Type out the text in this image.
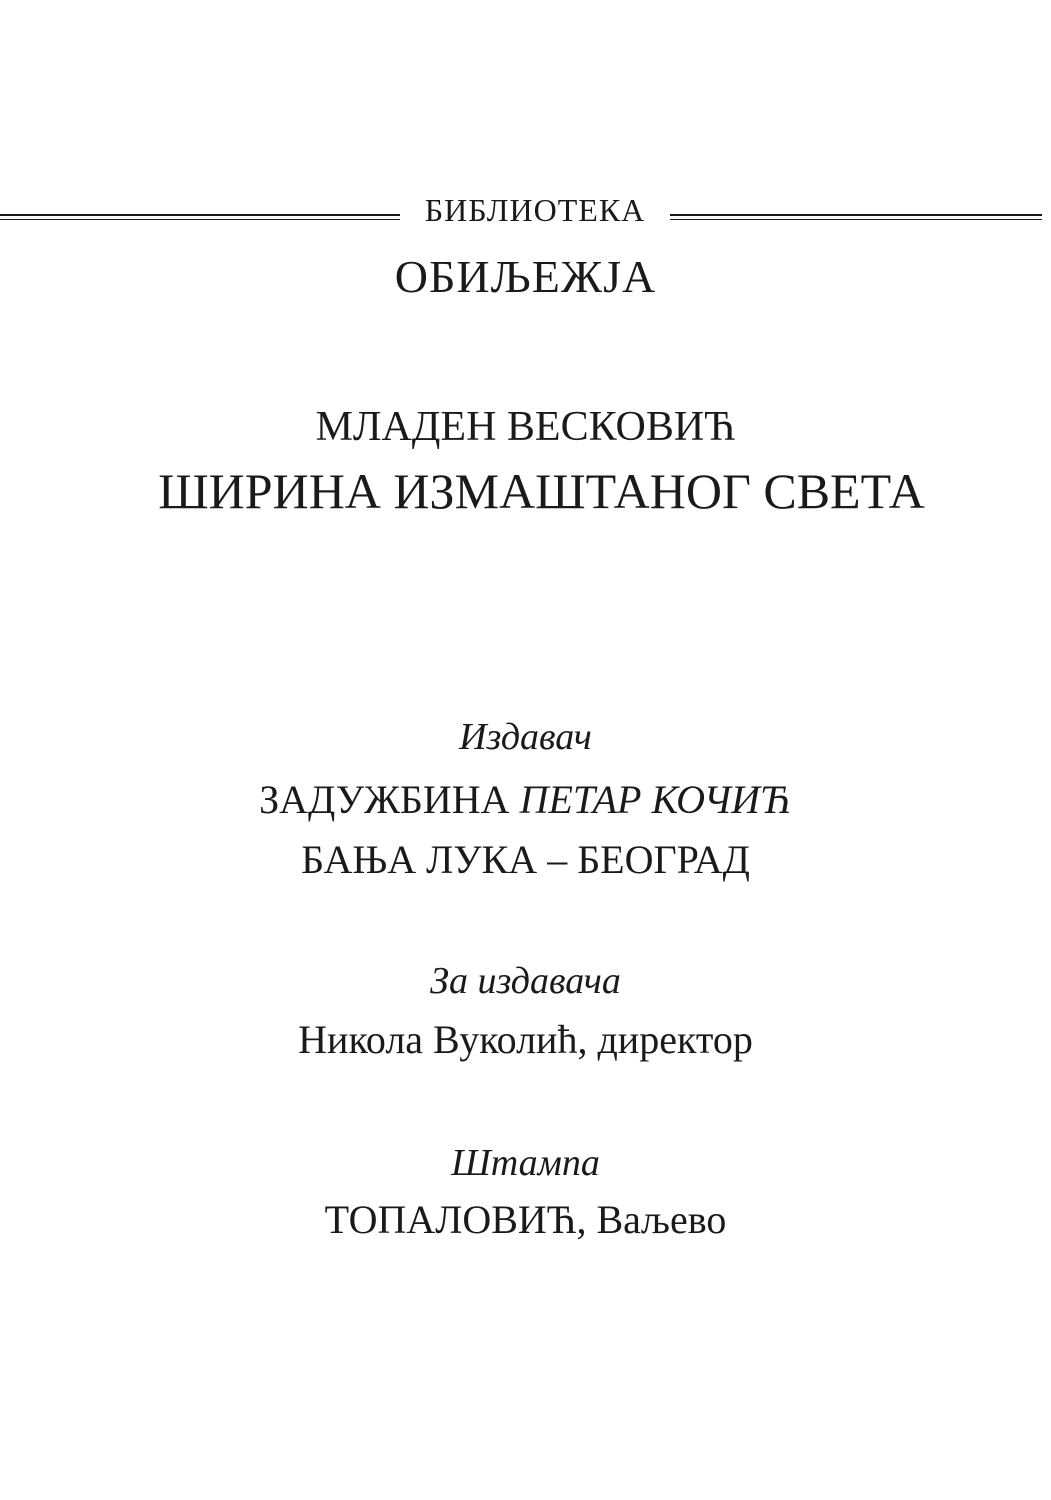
БИБЛИОТЕКА
ОБИЉЕЖЈА
МЛАДЕН ВЕСКОВИЋ
ШИРИНА ИЗМАШТАНОГ СВЕТА
Издавач
ЗАДУЖБИНА ПЕТАР КОЧИЋ
БАЊА ЛУКА – БЕОГРАД
За издавача
Никола Вуколић, директор
Штампа
ТОПАЛОВИЋ, Ваљево
